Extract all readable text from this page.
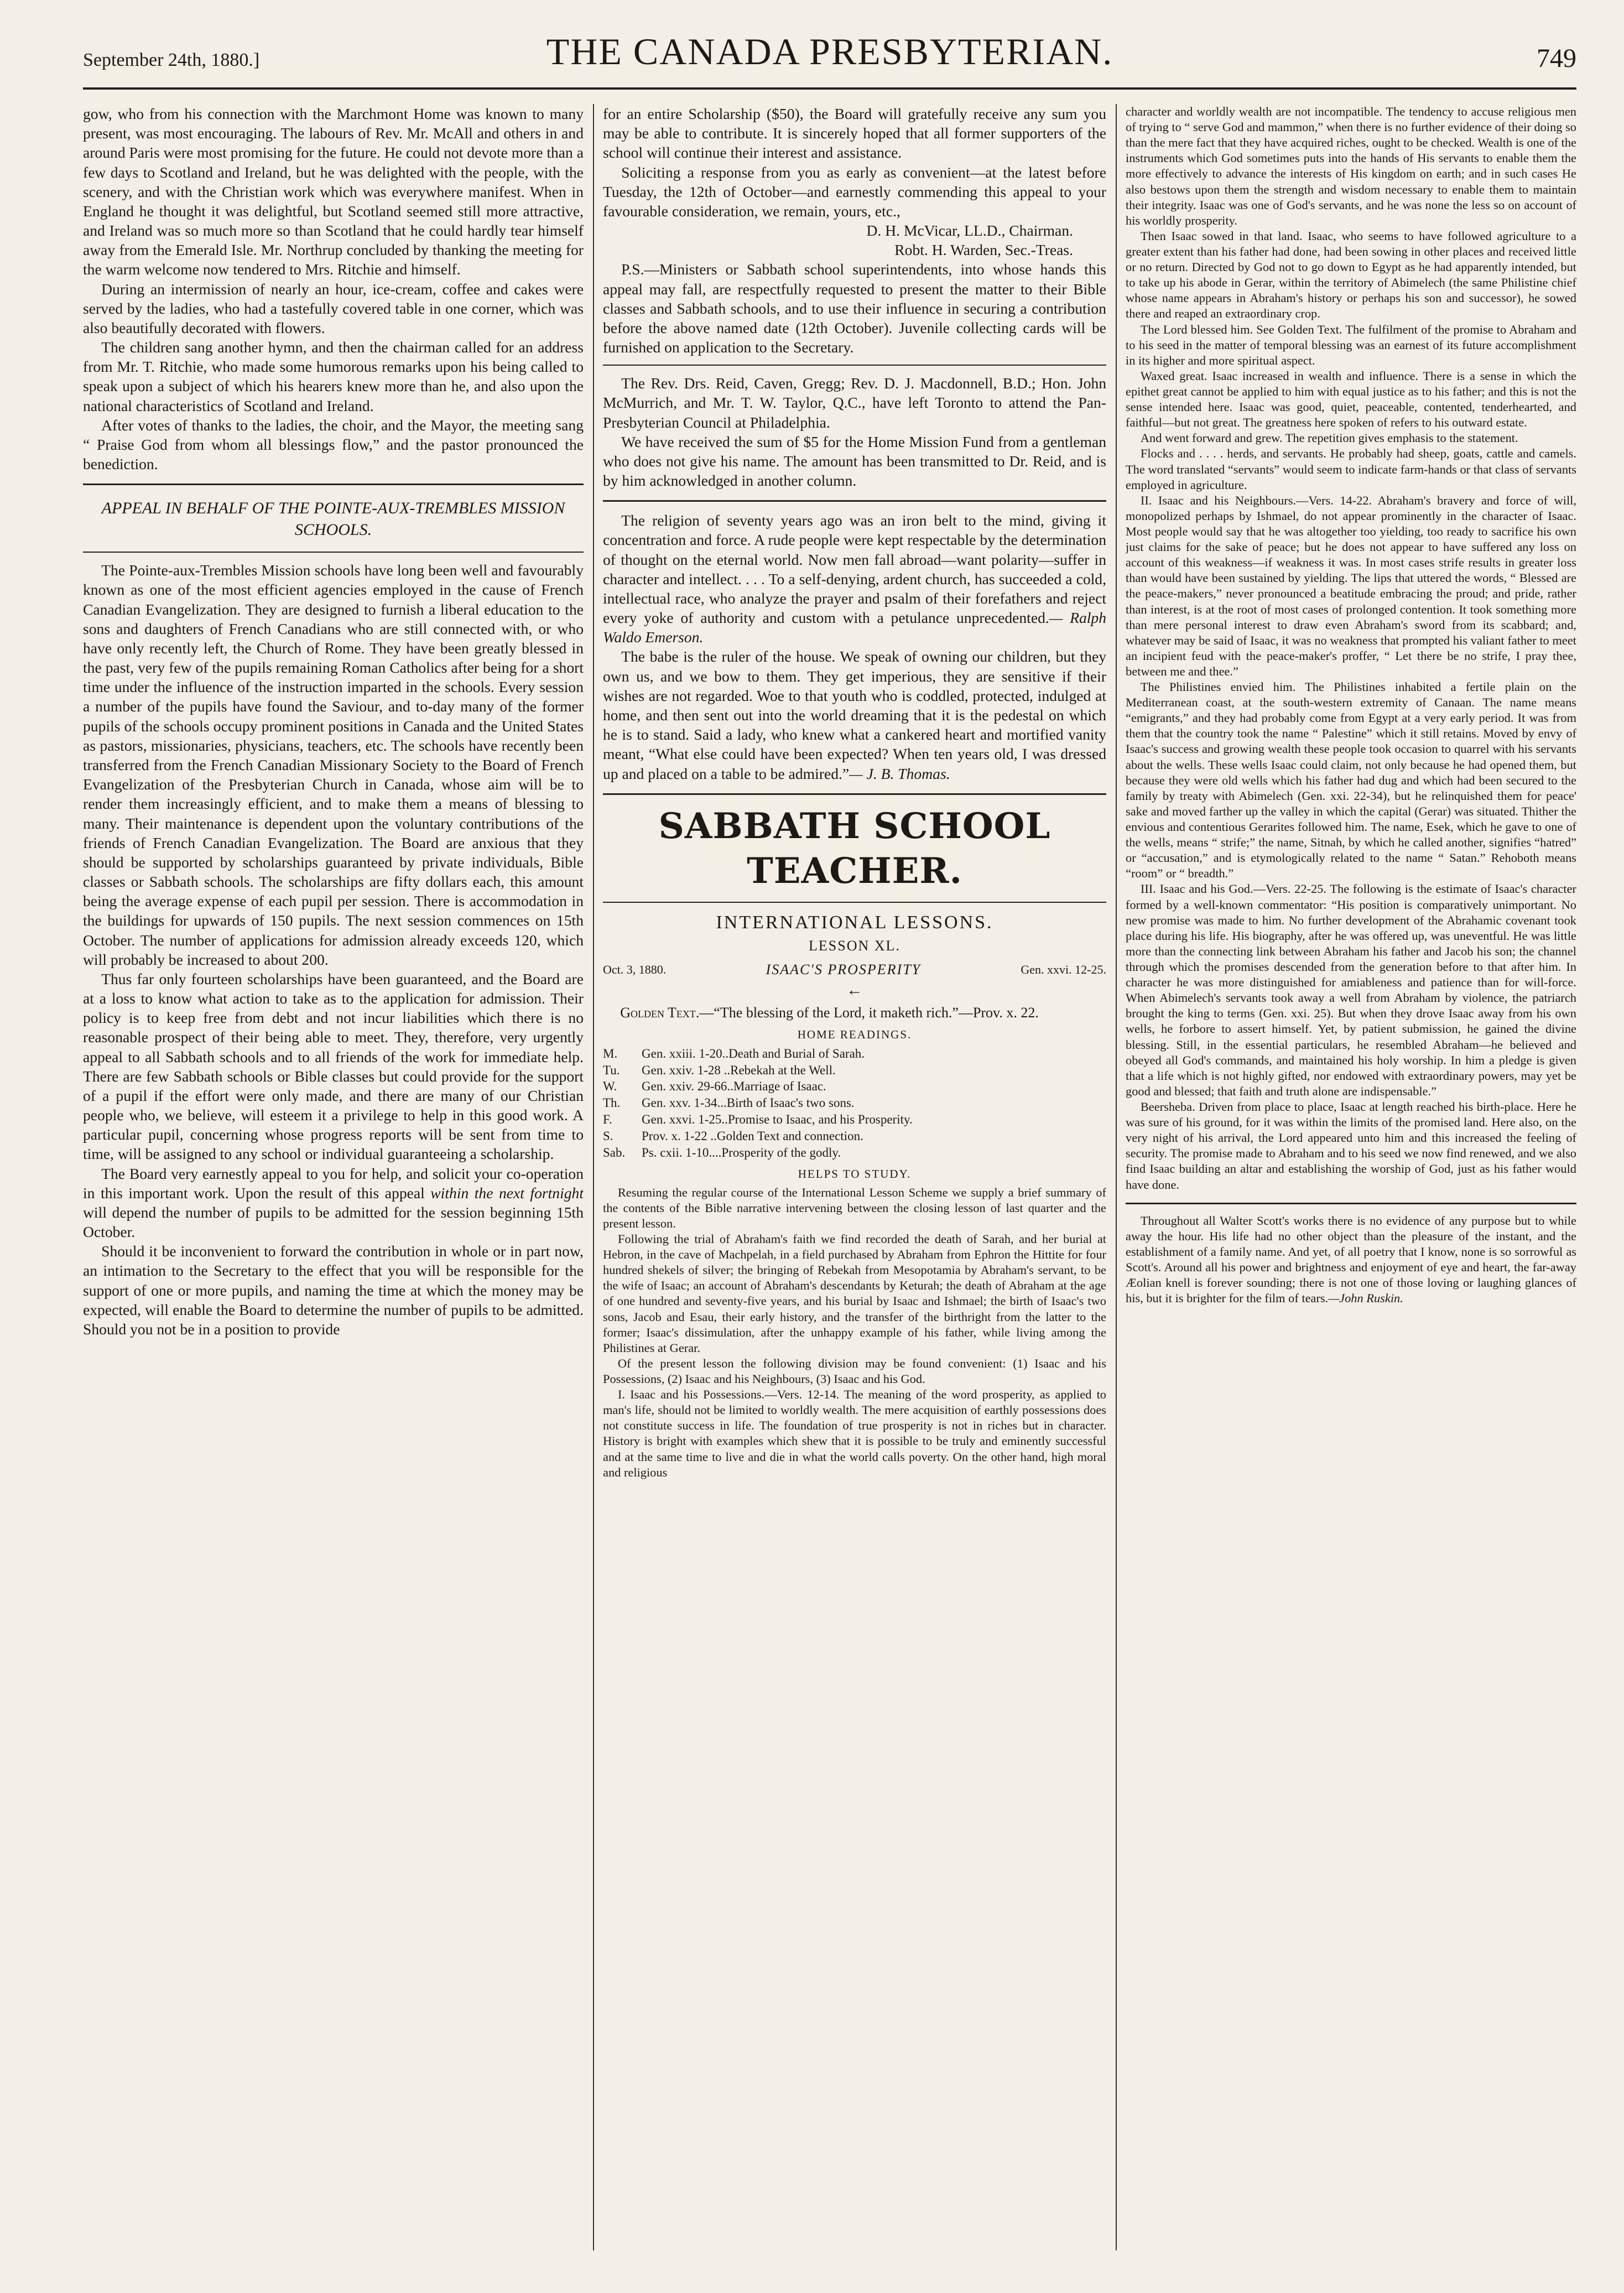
September 24th, 1880.]	THE CANADA PRESBYTERIAN.	749

gow, who from his connection with the Marchmont Home was known to many present, was most encouraging. The labours of Rev. Mr. McAll and others in and around Paris were most promising for the future. He could not devote more than a few days to Scotland and Ireland, but he was delighted with the people, with the scenery, and with the Christian work which was everywhere manifest. When in England he thought it was delightful, but Scotland seemed still more attractive, and Ireland was so much more so than Scotland that he could hardly tear himself away from the Emerald Isle. Mr. Northrup concluded by thanking the meeting for the warm welcome now tendered to Mrs. Ritchie and himself.

During an intermission of nearly an hour, ice-cream, coffee and cakes were served by the ladies, who had a tastefully covered table in one corner, which was also beautifully decorated with flowers.

The children sang another hymn, and then the chairman called for an address from Mr. T. Ritchie, who made some humorous remarks upon his being called to speak upon a subject of which his hearers knew more than he, and also upon the national characteristics of Scotland and Ireland.

After votes of thanks to the ladies, the choir, and the Mayor, the meeting sang “ Praise God from whom all blessings flow,” and the pastor pronounced the benediction.

APPEAL IN BEHALF OF THE POINTE-AUX-TREMBLES MISSION SCHOOLS.

The Pointe-aux-Trembles Mission schools have long been well and favourably known as one of the most efficient agencies employed in the cause of French Canadian Evangelization. They are designed to furnish a liberal education to the sons and daughters of French Canadians who are still connected with, or who have only recently left, the Church of Rome. They have been greatly blessed in the past, very few of the pupils remaining Roman Catholics after being for a short time under the influence of the instruction imparted in the schools. Every session a number of the pupils have found the Saviour, and to-day many of the former pupils of the schools occupy prominent positions in Canada and the United States as pastors, missionaries, physicians, teachers, etc. The schools have recently been transferred from the French Canadian Missionary Society to the Board of French Evangelization of the Presbyterian Church in Canada, whose aim will be to render them increasingly efficient, and to make them a means of blessing to many. Their maintenance is dependent upon the voluntary contributions of the friends of French Canadian Evangelization. The Board are anxious that they should be supported by scholarships guaranteed by private individuals, Bible classes or Sabbath schools. The scholarships are fifty dollars each, this amount being the average expense of each pupil per session. There is accommodation in the buildings for upwards of 150 pupils. The next session commences on 15th October. The number of applications for admission already exceeds 120, which will probably be increased to about 200.

Thus far only fourteen scholarships have been guaranteed, and the Board are at a loss to know what action to take as to the application for admission. Their policy is to keep free from debt and not incur liabilities which there is no reasonable prospect of their being able to meet. They, therefore, very urgently appeal to all Sabbath schools and to all friends of the work for immediate help. There are few Sabbath schools or Bible classes but could provide for the support of a pupil if the effort were only made, and there are many of our Christian people who, we believe, will esteem it a privilege to help in this good work. A particular pupil, concerning whose progress reports will be sent from time to time, will be assigned to any school or individual guaranteeing a scholarship.

The Board very earnestly appeal to you for help, and solicit your co-operation in this important work. Upon the result of this appeal within the next fortnight will depend the number of pupils to be admitted for the session beginning 15th October.

Should it be inconvenient to forward the contribution in whole or in part now, an intimation to the Secretary to the effect that you will be responsible for the support of one or more pupils, and naming the time at which the money may be expected, will enable the Board to determine the number of pupils to be admitted. Should you not be in a position to provide

for an entire Scholarship ($50), the Board will gratefully receive any sum you may be able to contribute. It is sincerely hoped that all former supporters of the school will continue their interest and assistance.

Soliciting a response from you as early as convenient—at the latest before Tuesday, the 12th of October—and earnestly commending this appeal to your favourable consideration, we remain, yours, etc.,

D. H. McVicar, LL.D., Chairman.

Robt. H. Warden, Sec.-Treas.

P.S.—Ministers or Sabbath school superintendents, into whose hands this appeal may fall, are respectfully requested to present the matter to their Bible classes and Sabbath schools, and to use their influence in securing a contribution before the above named date (12th October). Juvenile collecting cards will be furnished on application to the Secretary.

The Rev. Drs. Reid, Caven, Gregg; Rev. D. J. Macdonnell, B.D.; Hon. John McMurrich, and Mr. T. W. Taylor, Q.C., have left Toronto to attend the Pan-Presbyterian Council at Philadelphia.

We have received the sum of $5 for the Home Mission Fund from a gentleman who does not give his name. The amount has been transmitted to Dr. Reid, and is by him acknowledged in another column.

The religion of seventy years ago was an iron belt to the mind, giving it concentration and force. A rude people were kept respectable by the determination of thought on the eternal world. Now men fall abroad—want polarity—suffer in character and intellect. . . . To a self-denying, ardent church, has succeeded a cold, intellectual race, who analyze the prayer and psalm of their forefathers and reject every yoke of authority and custom with a petulance unprecedented.— Ralph Waldo Emerson.

The babe is the ruler of the house. We speak of owning our children, but they own us, and we bow to them. They get imperious, they are sensitive if their wishes are not regarded. Woe to that youth who is coddled, protected, indulged at home, and then sent out into the world dreaming that it is the pedestal on which he is to stand. Said a lady, who knew what a cankered heart and mortified vanity meant, “What else could have been expected? When ten years old, I was dressed up and placed on a table to be admired.”— J. B. Thomas.

SABBATH SCHOOL TEACHER.
INTERNATIONAL LESSONS.
LESSON XL.
Oct. 3, 1880.	ISAAC'S PROSPERITY	Gen. xxvi. 12-25.
←

Golden Text.—“The blessing of the Lord, it maketh rich.”—Prov. x. 22.

HOME READINGS.
M. Gen. xxiii. 1-20..Death and Burial of Sarah.
Tu. Gen. xxiv. 1-28 ..Rebekah at the Well.
W. Gen. xxiv. 29-66..Marriage of Isaac.
Th. Gen. xxv. 1-34...Birth of Isaac's two sons.
F. Gen. xxvi. 1-25..Promise to Isaac, and his Prosperity.
S. Prov. x. 1-22 ..Golden Text and connection.
Sab. Ps. cxii. 1-10....Prosperity of the godly.
HELPS TO STUDY.

Resuming the regular course of the International Lesson Scheme we supply a brief summary of the contents of the Bible narrative intervening between the closing lesson of last quarter and the present lesson.

Following the trial of Abraham's faith we find recorded the death of Sarah, and her burial at Hebron, in the cave of Machpelah, in a field purchased by Abraham from Ephron the Hittite for four hundred shekels of silver; the bringing of Rebekah from Mesopotamia by Abraham's servant, to be the wife of Isaac; an account of Abraham's descendants by Keturah; the death of Abraham at the age of one hundred and seventy-five years, and his burial by Isaac and Ishmael; the birth of Isaac's two sons, Jacob and Esau, their early history, and the transfer of the birthright from the latter to the former; Isaac's dissimulation, after the unhappy example of his father, while living among the Philistines at Gerar.

Of the present lesson the following division may be found convenient: (1) Isaac and his Possessions, (2) Isaac and his Neighbours, (3) Isaac and his God.

I. Isaac and his Possessions.—Vers. 12-14. The meaning of the word prosperity, as applied to man's life, should not be limited to worldly wealth. The mere acquisition of earthly possessions does not constitute success in life. The foundation of true prosperity is not in riches but in character. History is bright with examples which shew that it is possible to be truly and eminently successful and at the same time to live and die in what the world calls poverty. On the other hand, high moral and religious

character and worldly wealth are not incompatible. The tendency to accuse religious men of trying to “ serve God and mammon,” when there is no further evidence of their doing so than the mere fact that they have acquired riches, ought to be checked. Wealth is one of the instruments which God sometimes puts into the hands of His servants to enable them the more effectively to advance the interests of His kingdom on earth; and in such cases He also bestows upon them the strength and wisdom necessary to enable them to maintain their integrity. Isaac was one of God's servants, and he was none the less so on account of his worldly prosperity.

Then Isaac sowed in that land. Isaac, who seems to have followed agriculture to a greater extent than his father had done, had been sowing in other places and received little or no return. Directed by God not to go down to Egypt as he had apparently intended, but to take up his abode in Gerar, within the territory of Abimelech (the same Philistine chief whose name appears in Abraham's history or perhaps his son and successor), he sowed there and reaped an extraordinary crop.

The Lord blessed him. See Golden Text. The fulfilment of the promise to Abraham and to his seed in the matter of temporal blessing was an earnest of its future accomplishment in its higher and more spiritual aspect.

Waxed great. Isaac increased in wealth and influence. There is a sense in which the epithet great cannot be applied to him with equal justice as to his father; and this is not the sense intended here. Isaac was good, quiet, peaceable, contented, tenderhearted, and faithful—but not great. The greatness here spoken of refers to his outward estate.

And went forward and grew. The repetition gives emphasis to the statement.

Flocks and . . . . herds, and servants. He probably had sheep, goats, cattle and camels. The word translated “servants” would seem to indicate farm-hands or that class of servants employed in agriculture.

II. Isaac and his Neighbours.—Vers. 14-22. Abraham's bravery and force of will, monopolized perhaps by Ishmael, do not appear prominently in the character of Isaac. Most people would say that he was altogether too yielding, too ready to sacrifice his own just claims for the sake of peace; but he does not appear to have suffered any loss on account of this weakness—if weakness it was. In most cases strife results in greater loss than would have been sustained by yielding. The lips that uttered the words, “ Blessed are the peace-makers,” never pronounced a beatitude embracing the proud; and pride, rather than interest, is at the root of most cases of prolonged contention. It took something more than mere personal interest to draw even Abraham's sword from its scabbard; and, whatever may be said of Isaac, it was no weakness that prompted his valiant father to meet an incipient feud with the peace-maker's proffer, “ Let there be no strife, I pray thee, between me and thee.”

The Philistines envied him. The Philistines inhabited a fertile plain on the Mediterranean coast, at the south-western extremity of Canaan. The name means “emigrants,” and they had probably come from Egypt at a very early period. It was from them that the country took the name “ Palestine” which it still retains. Moved by envy of Isaac's success and growing wealth these people took occasion to quarrel with his servants about the wells. These wells Isaac could claim, not only because he had opened them, but because they were old wells which his father had dug and which had been secured to the family by treaty with Abimelech (Gen. xxi. 22-34), but he relinquished them for peace' sake and moved farther up the valley in which the capital (Gerar) was situated. Thither the envious and contentious Gerarites followed him. The name, Esek, which he gave to one of the wells, means “ strife;” the name, Sitnah, by which he called another, signifies “hatred” or “accusation,” and is etymologically related to the name “ Satan.” Rehoboth means “room” or “ breadth.”

III. Isaac and his God.—Vers. 22-25. The following is the estimate of Isaac's character formed by a well-known commentator: “His position is comparatively unimportant. No new promise was made to him. No further development of the Abrahamic covenant took place during his life. His biography, after he was offered up, was uneventful. He was little more than the connecting link between Abraham his father and Jacob his son; the channel through which the promises descended from the generation before to that after him. In character he was more distinguished for amiableness and patience than for will-force. When Abimelech's servants took away a well from Abraham by violence, the patriarch brought the king to terms (Gen. xxi. 25). But when they drove Isaac away from his own wells, he forbore to assert himself. Yet, by patient submission, he gained the divine blessing. Still, in the essential particulars, he resembled Abraham—he believed and obeyed all God's commands, and maintained his holy worship. In him a pledge is given that a life which is not highly gifted, nor endowed with extraordinary powers, may yet be good and blessed; that faith and truth alone are indispensable.”

Beersheba. Driven from place to place, Isaac at length reached his birth-place. Here he was sure of his ground, for it was within the limits of the promised land. Here also, on the very night of his arrival, the Lord appeared unto him and this increased the feeling of security. The promise made to Abraham and to his seed we now find renewed, and we also find Isaac building an altar and establishing the worship of God, just as his father would have done.

Throughout all Walter Scott's works there is no evidence of any purpose but to while away the hour. His life had no other object than the pleasure of the instant, and the establishment of a family name. And yet, of all poetry that I know, none is so sorrowful as Scott's. Around all his power and brightness and enjoyment of eye and heart, the far-away Æolian knell is forever sounding; there is not one of those loving or laughing glances of his, but it is brighter for the film of tears.—John Ruskin.
